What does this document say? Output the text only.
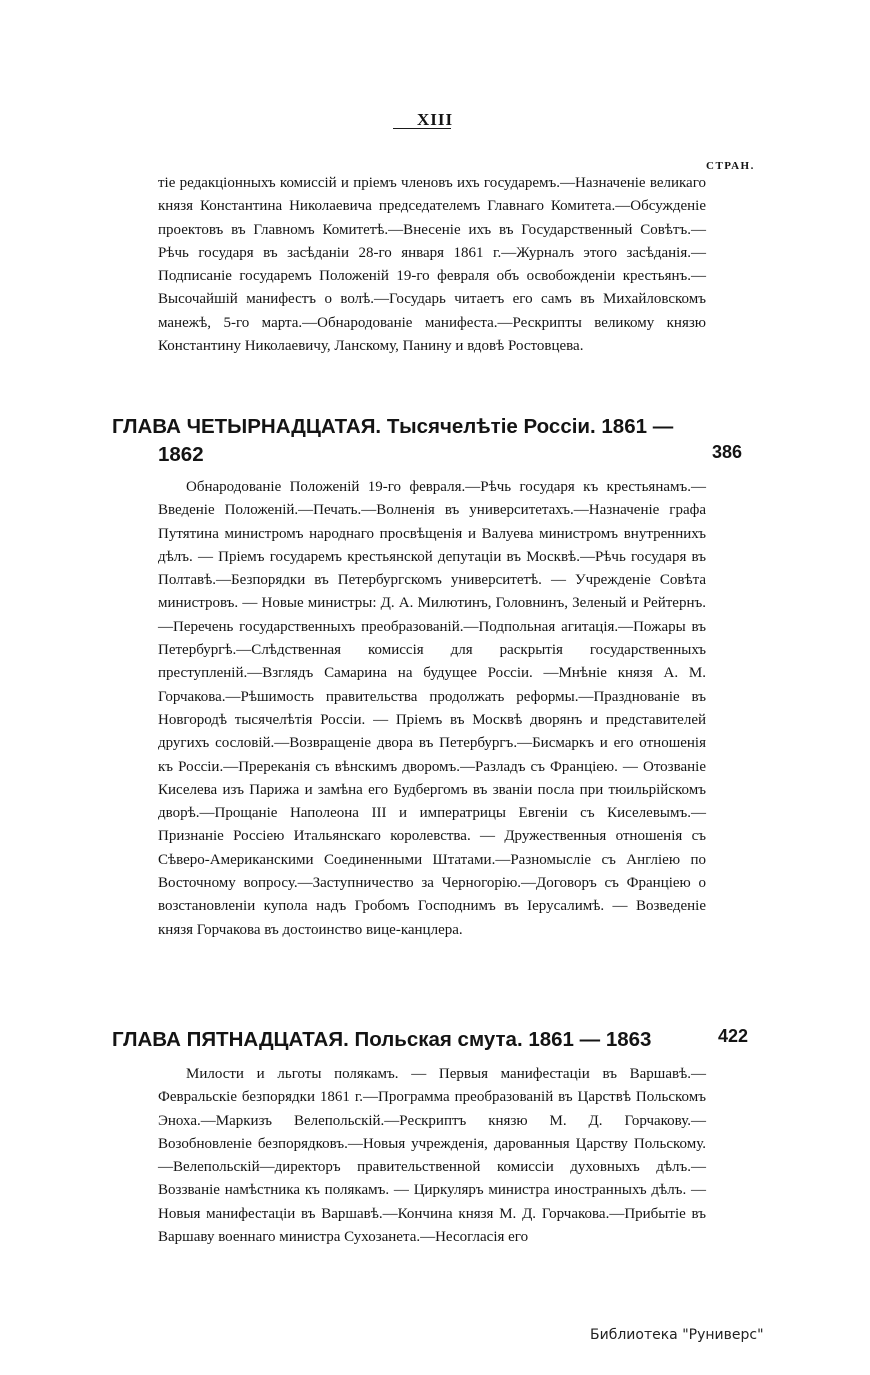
XIII
СТРАН.

тіе редакціонныхъ комиссій и пріемъ членовъ ихъ государемъ.—Назначеніе великаго князя Константина Николаевича председателемъ Главнаго Комитета.—Обсужденіе проектовъ въ Главномъ Комитетѣ.—Внесеніе ихъ въ Государственный Совѣтъ.—Рѣчь государя въ засѣданіи 28-го января 1861 г.—Журналъ этого засѣданія.—Подписаніе государемъ Положеній 19-го февраля объ освобожденіи крестьянъ.—Высочайшій манифестъ о волѣ.—Государь читаетъ его самъ въ Михайловскомъ манежѣ, 5-го марта.—Обнародованіе манифеста.—Рескрипты великому князю Константину Николаевичу, Ланскому, Панину и вдовѣ Ростовцева.

ГЛАВА ЧЕТЫРНАДЦАТАЯ. Тысячелѣтіе Россіи. 1861 —
1862	386

Обнародованіе Положеній 19-го февраля.—Рѣчь государя къ крестьянамъ.—Введеніе Положеній.—Печать.—Волненія въ университетахъ.—Назначеніе графа Путятина министромъ народнаго просвѣщенія и Валуева министромъ внутреннихъ дѣлъ. — Пріемъ государемъ крестьянской депутаціи въ Москвѣ.—Рѣчь государя въ Полтавѣ.—Безпорядки въ Петербургскомъ университетѣ. — Учрежденіе Совѣта министровъ. — Новые министры: Д. А. Милютинъ, Головнинъ, Зеленый и Рейтернъ.—Перечень государственныхъ преобразованій.—Подпольная агитація.—Пожары въ Петербургѣ.—Слѣдственная комиссія для раскрытія государственныхъ преступленій.—Взглядъ Самарина на будущее Россіи. —Мнѣніе князя А. М. Горчакова.—Рѣшимость правительства продолжать реформы.—Празднованіе въ Новгородѣ тысячелѣтія Россіи. — Пріемъ въ Москвѣ дворянъ и представителей другихъ сословій.—Возвращеніе двора въ Петербургъ.—Бисмаркъ и его отношенія къ Россіи.—Пререканія съ вѣнскимъ дворомъ.—Разладъ съ Франціею. — Отозваніе Киселева изъ Парижа и замѣна его Будбергомъ въ званіи посла при тюильрійскомъ дворѣ.—Прощаніе Наполеона III и императрицы Евгеніи съ Киселевымъ.—Признаніе Россіею Итальянскаго королевства. — Дружественныя отношенія съ Сѣверо-Американскими Соединенными Штатами.—Разномысліе съ Англіею по Восточному вопросу.—Заступничество за Черногорію.—Договоръ съ Франціею о возстановленіи купола надъ Гробомъ Господнимъ въ Іерусалимѣ. — Возведеніе князя Горчакова въ достоинство вице-канцлера.

ГЛАВА ПЯТНАДЦАТАЯ. Польская смута. 1861 — 1863	422

Милости и льготы полякамъ. — Первыя манифестаціи въ Варшавѣ.—Февральскіе безпорядки 1861 г.—Программа преобразованій въ Царствѣ Польскомъ Эноха.—Маркизъ Велепольскій.—Рескриптъ князю М. Д. Горчакову.—Возобновленіе безпорядковъ.—Новыя учрежденія, дарованныя Царству Польскому.—Велепольскій—директоръ правительственной комиссіи духовныхъ дѣлъ.—Воззваніе намѣстника къ полякамъ. — Циркуляръ министра иностранныхъ дѣлъ. — Новыя манифестаціи въ Варшавѣ.—Кончина князя М. Д. Горчакова.—Прибытіе въ Варшаву военнаго министра Сухозанета.—Несогласія его

Библиотека "Руниверс"
